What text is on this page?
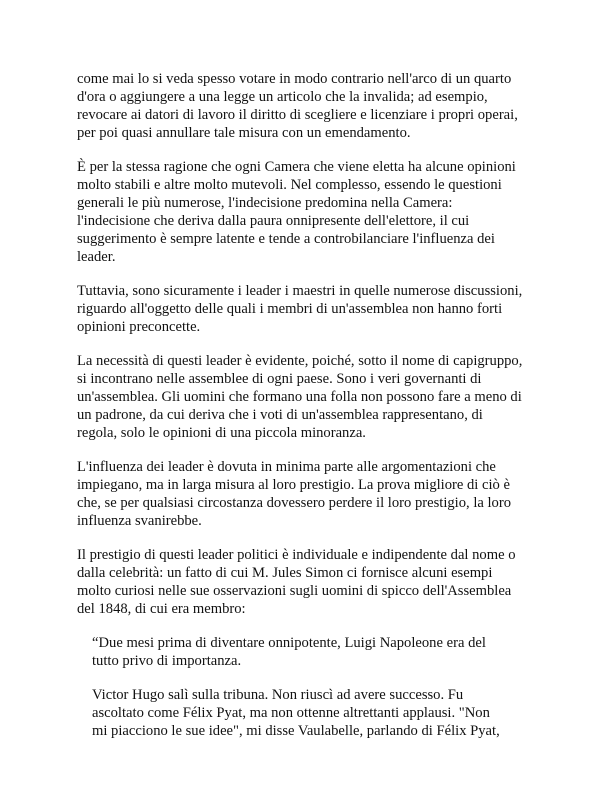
come mai lo si veda spesso votare in modo contrario nell'arco di un quarto
d'ora o aggiungere a una legge un articolo che la invalida; ad esempio,
revocare ai datori di lavoro il diritto di scegliere e licenziare i propri operai,
per poi quasi annullare tale misura con un emendamento.
È per la stessa ragione che ogni Camera che viene eletta ha alcune opinioni
molto stabili e altre molto mutevoli. Nel complesso, essendo le questioni
generali le più numerose, l'indecisione predomina nella Camera:
l'indecisione che deriva dalla paura onnipresente dell'elettore, il cui
suggerimento è sempre latente e tende a controbilanciare l'influenza dei
leader.
Tuttavia, sono sicuramente i leader i maestri in quelle numerose discussioni,
riguardo all'oggetto delle quali i membri di un'assemblea non hanno forti
opinioni preconcette.
La necessità di questi leader è evidente, poiché, sotto il nome di capigruppo,
si incontrano nelle assemblee di ogni paese. Sono i veri governanti di
un'assemblea. Gli uomini che formano una folla non possono fare a meno di
un padrone, da cui deriva che i voti di un'assemblea rappresentano, di
regola, solo le opinioni di una piccola minoranza.
L'influenza dei leader è dovuta in minima parte alle argomentazioni che
impiegano, ma in larga misura al loro prestigio. La prova migliore di ciò è
che, se per qualsiasi circostanza dovessero perdere il loro prestigio, la loro
influenza svanirebbe.
Il prestigio di questi leader politici è individuale e indipendente dal nome o
dalla celebrità: un fatto di cui M. Jules Simon ci fornisce alcuni esempi
molto curiosi nelle sue osservazioni sugli uomini di spicco dell'Assemblea
del 1848, di cui era membro:
“Due mesi prima di diventare onnipotente, Luigi Napoleone era del
tutto privo di importanza.
Victor Hugo salì sulla tribuna. Non riuscì ad avere successo. Fu
ascoltato come Félix Pyat, ma non ottenne altrettanti applausi. "Non
mi piacciono le sue idee", mi disse Vaulabelle, parlando di Félix Pyat,
